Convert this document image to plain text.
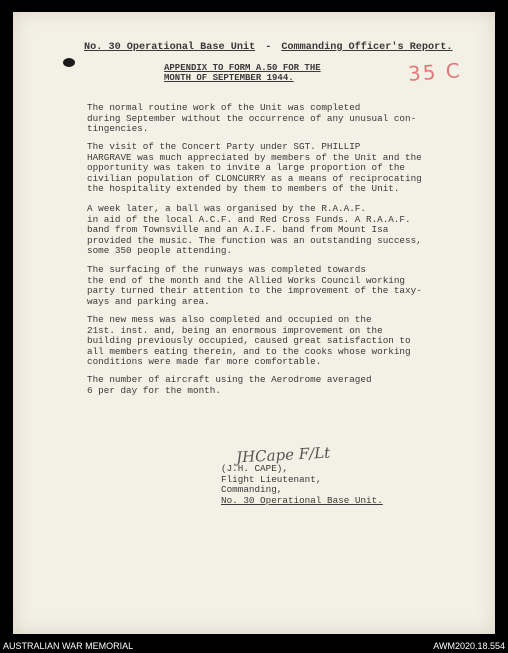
No. 30 Operational Base Unit - Commanding Officer's Report.
APPENDIX TO FORM A.50 FOR THE
MONTH OF SEPTEMBER 1944.	35 C
The normal routine work of the Unit was completed
during September without the occurrence of any unusual con-
tingencies.
The visit of the Concert Party under SGT. PHILLIP
HARGRAVE was much appreciated by members of the Unit and the
opportunity was taken to invite a large proportion of the
civilian population of CLONCURRY as a means of reciprocating
the hospitality extended by them to members of the Unit.
A week later, a ball was organised by the R.A.A.F.
in aid of the local A.C.F. and Red Cross Funds. A R.A.A.F.
band from Townsville and an A.I.F. band from Mount Isa
provided the music. The function was an outstanding success,
some 350 people attending.
The surfacing of the runways was completed towards
the end of the month and the Allied Works Council working
party turned their attention to the improvement of the taxy-
ways and parking area.
The new mess was also completed and occupied on the
21st. inst. and, being an enormous improvement on the
building previously occupied, caused great satisfaction to
all members eating therein, and to the cooks whose working
conditions were made far more comfortable.
The number of aircraft using the Aerodrome averaged
6 per day for the month.
JHCape F/Lt
(J.H. CAPE),
Flight Lieutenant,
Commanding,
No. 30 Operational Base Unit.
AUSTRALIAN WAR MEMORIAL	AWM2020.18.554
